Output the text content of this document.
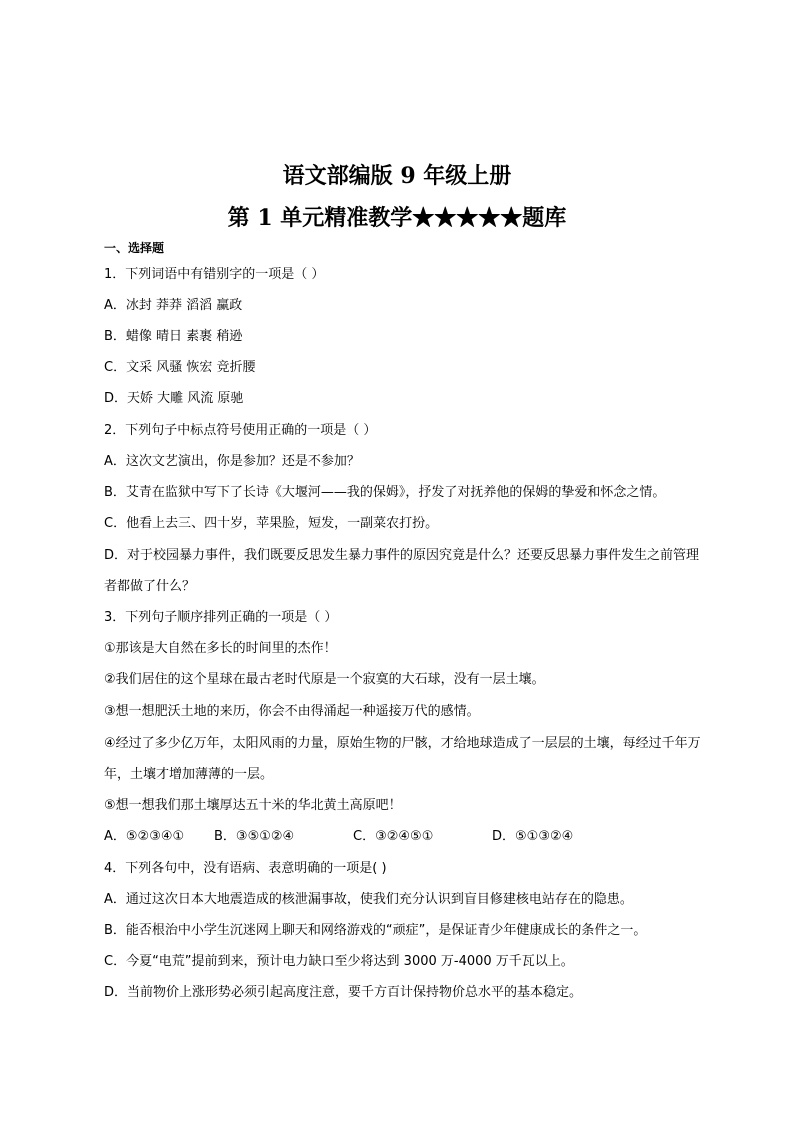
语文部编版 9 年级上册
第 1 单元精准教学★★★★★题库
一、选择题
1．下列词语中有错别字的一项是（ ）
A．冰封 莽莽 滔滔 赢政
B．蜡像 晴日 素裹 稍逊
C．文采 风骚 恢宏 竞折腰
D．天娇 大雕 风流 原驰
2．下列句子中标点符号使用正确的一项是（ ）
A．这次文艺演出，你是参加？还是不参加？
B．艾青在监狱中写下了长诗《大堰河——我的保姆》，抒发了对抚养他的保姆的挚爱和怀念之情。
C．他看上去三、四十岁，苹果脸，短发，一副菜农打扮。
D．对于校园暴力事件，我们既要反思发生暴力事件的原因究竟是什么？还要反思暴力事件发生之前管理
者都做了什么？
3．下列句子顺序排列正确的一项是（ ）
①那该是大自然在多长的时间里的杰作！
②我们居住的这个星球在最古老时代原是一个寂寞的大石球，没有一层土壤。
③想一想肥沃土地的来历，你会不由得涌起一种遥接万代的感情。
④经过了多少亿万年，太阳风雨的力量，原始生物的尸骸，才给地球造成了一层层的土壤，每经过千年万
年，土壤才增加薄薄的一层。
⑤想一想我们那土壤厚达五十米的华北黄土高原吧！
A．⑤②③④① B．③⑤①②④	C．③②④⑤①	D．⑤①③②④
4．下列各句中，没有语病、表意明确的一项是( )
A．通过这次日本大地震造成的核泄漏事故，使我们充分认识到盲目修建核电站存在的隐患。
B．能否根治中小学生沉迷网上聊天和网络游戏的“顽症”，是保证青少年健康成长的条件之一。
C．今夏“电荒”提前到来，预计电力缺口至少将达到 3000 万-4000 万千瓦以上。
D．当前物价上涨形势必须引起高度注意，要千方百计保持物价总水平的基本稳定。
